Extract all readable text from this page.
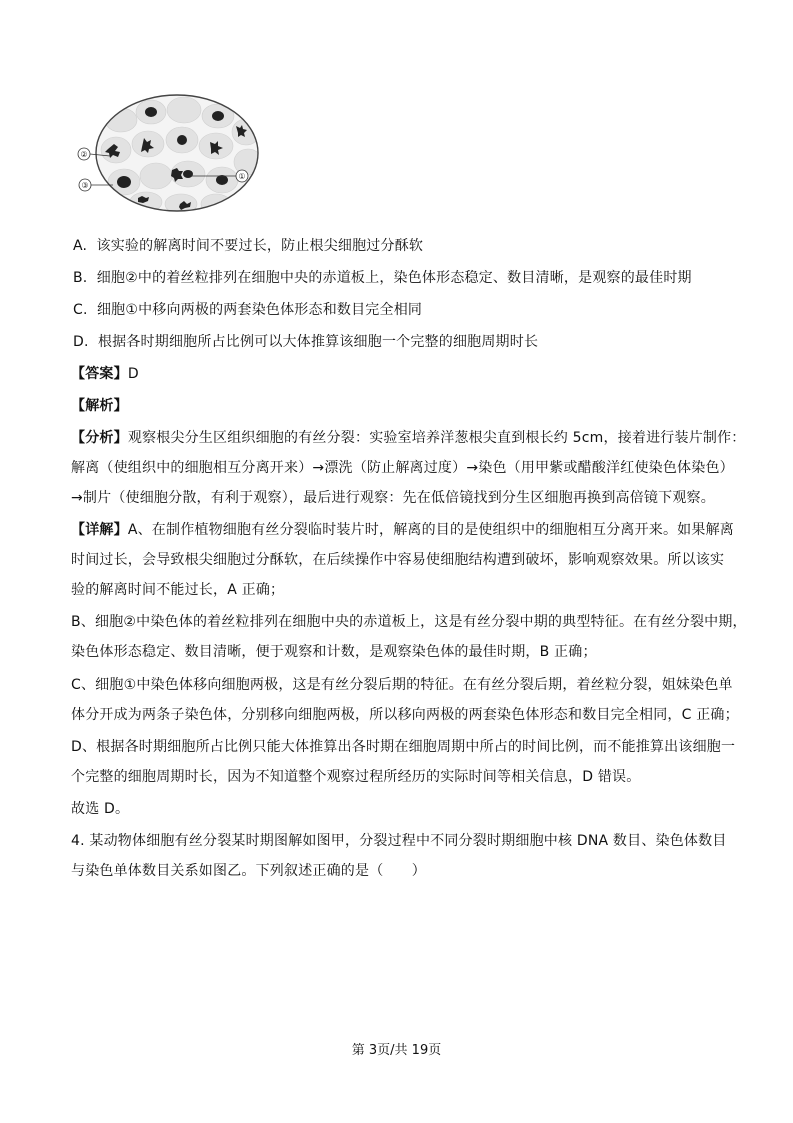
②
③
①
A. 该实验的解离时间不要过长，防止根尖细胞过分酥软
B. 细胞②中的着丝粒排列在细胞中央的赤道板上，染色体形态稳定、数目清晰，是观察的最佳时期
C. 细胞①中移向两极的两套染色体形态和数目完全相同
D. 根据各时期细胞所占比例可以大体推算该细胞一个完整的细胞周期时长
【答案】D
【解析】
【分析】观察根尖分生区组织细胞的有丝分裂：实验室培养洋葱根尖直到根长约 5cm，接着进行装片制作：
解离（使组织中的细胞相互分离开来）→漂洗（防止解离过度）→染色（用甲紫或醋酸洋红使染色体染色）
→制片（使细胞分散，有利于观察），最后进行观察：先在低倍镜找到分生区细胞再换到高倍镜下观察。
【详解】A、在制作植物细胞有丝分裂临时装片时，解离的目的是使组织中的细胞相互分离开来。如果解离
时间过长，会导致根尖细胞过分酥软，在后续操作中容易使细胞结构遭到破坏，影响观察效果。所以该实
验的解离时间不能过长，A 正确；
B、细胞②中染色体的着丝粒排列在细胞中央的赤道板上，这是有丝分裂中期的典型特征。在有丝分裂中期，
染色体形态稳定、数目清晰，便于观察和计数，是观察染色体的最佳时期，B 正确；
C、细胞①中染色体移向细胞两极，这是有丝分裂后期的特征。在有丝分裂后期，着丝粒分裂，姐妹染色单
体分开成为两条子染色体，分别移向细胞两极，所以移向两极的两套染色体形态和数目完全相同，C 正确；
D、根据各时期细胞所占比例只能大体推算出各时期在细胞周期中所占的时间比例，而不能推算出该细胞一
个完整的细胞周期时长，因为不知道整个观察过程所经历的实际时间等相关信息，D 错误。
故选 D。
4. 某动物体细胞有丝分裂某时期图解如图甲，分裂过程中不同分裂时期细胞中核 DNA 数目、染色体数目
与染色单体数目关系如图乙。下列叙述正确的是（　　）
第 3页/共 19页
